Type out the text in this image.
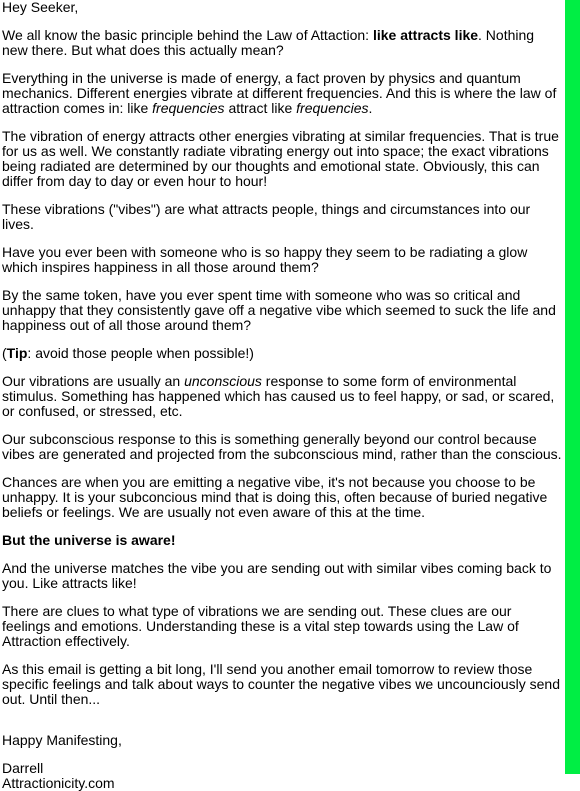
Hey Seeker,

We all know the basic principle behind the Law of Attaction: like attracts like. Nothing new there. But what does this actually mean?

Everything in the universe is made of energy, a fact proven by physics and quantum mechanics. Different energies vibrate at different frequencies. And this is where the law of attraction comes in: like frequencies attract like frequencies.

The vibration of energy attracts other energies vibrating at similar frequencies. That is true for us as well. We constantly radiate vibrating energy out into space; the exact vibrations being radiated are determined by our thoughts and emotional state. Obviously, this can differ from day to day or even hour to hour!

These vibrations ("vibes") are what attracts people, things and circumstances into our lives.

Have you ever been with someone who is so happy they seem to be radiating a glow which inspires happiness in all those around them?

By the same token, have you ever spent time with someone who was so critical and unhappy that they consistently gave off a negative vibe which seemed to suck the life and happiness out of all those around them?

(Tip: avoid those people when possible!)

Our vibrations are usually an unconscious response to some form of environmental stimulus. Something has happened which has caused us to feel happy, or sad, or scared, or confused, or stressed, etc.

Our subconscious response to this is something generally beyond our control because vibes are generated and projected from the subconscious mind, rather than the conscious.

Chances are when you are emitting a negative vibe, it's not because you choose to be unhappy. It is your subconcious mind that is doing this, often because of buried negative beliefs or feelings. We are usually not even aware of this at the time.

But the universe is aware!

And the universe matches the vibe you are sending out with similar vibes coming back to you. Like attracts like!

There are clues to what type of vibrations we are sending out. These clues are our feelings and emotions. Understanding these is a vital step towards using the Law of Attraction effectively.

As this email is getting a bit long, I'll send you another email tomorrow to review those specific feelings and talk about ways to counter the negative vibes we uncounciously send out. Until then...

Happy Manifesting,

Darrell
Attractionicity.com
